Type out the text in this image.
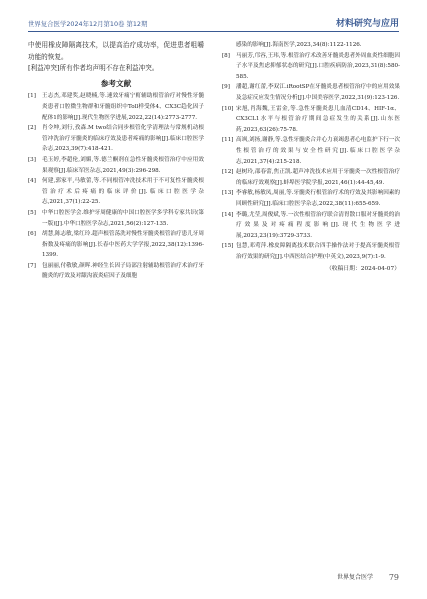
世界复合医学2024年12月第10卷 第12期	材料研究与应用

中使用橡皮障隔离技术，以提高治疗成功率，促进患者咀嚼功能的恢复。

[利益冲突]所有作者均声明不存在利益冲突。

参考文献

[1] 王志杰,邓建奖,赵晓楠,等.速效牙痛宁酊辅助根管治疗对慢性牙髓炎患者口腔微生物群和牙髓组织中Toll样受体4、CX3C趋化因子配体1的影响[J].现代生物医学进展,2022,22(14):2773-2777.

[2] 肖令坤,刘行,孜森.M two结合同步根管化学清理法与常规机动根管冲洗治疗牙髓炎的临床疗效及患者疼痛的影响[J].临床口腔医学杂志,2023,39(7):418-421.

[3] 毛玉婷,李超伦,刘媚,等.德兰酮剂在急性牙髓炎根管治疗中应用效果观察[J].临床军医杂志,2021,49(3):296-298.

[4] 何建,郭家平,马敏蕾,等.不同根管冲洗技术用于不可复性牙髓炎根管治疗术后疼痛的临床评价[J].临床口腔医学杂志,2021,37(1):22-25.

[5] 中华口腔医学会.维护牙周健康的中国口腔医学多学科专家共识(第一版)[J].中华口腔医学杂志,2021,56(2):127-135.

[6] 胡慧,陈志敏,梁红玲.超声根管荡洗对慢性牙髓炎根管治疗患儿牙周指数及疼痛的影响[J].长春中医药大学学报,2022,38(12):1396-1399.

[7] 包丽丽,付敬敏,颜晖.神经生长因子局部注射辅助根管治疗术治疗牙髓炎的疗效及对龈沟液炎症因子及细胞

感染的影响[J].海南医学,2023,34(8):1122-1126.

[8] 马丽芳,邝容,王玮,等.根管治疗术改善牙髓炎患者外周血炎性细胞因子水平及焦虑抑郁状态的研究[J].口腔疾病防治,2023,31(8):580-585.

[9] 潘超,谢红蕾,李双江.iRootSP在牙髓炎患者根管治疗中的应用效果及急症反应发生情况分析[J].中国美容医学,2022,31(9):123-126.

[10] 宋旭,肖海魏,王雷金,等.急性牙髓炎患儿血清CD14、HIF-1α、CX3CL1水平与根管治疗期间急症发生的关系[J].山东医药,2023,63(26):75-78.

[11] 高飒,刘扬,谢静,等.急性牙髓炎合并心力衰竭患者心电监护下行一次性根管治疗的效果与安全性研究[J].临床口腔医学杂志,2021,37(4):215-218.

[12] 赵树玲,邵春蕾,焦正凯.超声冲洗技术应用于牙髓炎一次性根管治疗的临床疗效观察[J].蚌埠医学院学报,2021,46(1):44-45,49.

[13] 李睿敏,杨敏凤,周丽,等.牙髓炎行根管治疗术的疗效及其影响因素的回顾性研究[J].临床口腔医学杂志,2022,38(11):655-659.

[14] 李璐,尤莹,周俊斌,等.一次性根管治疗联合清胃散口服对牙髓炎的治疗效果及对疼痛程度影响[J].现代生物医学进展,2023,23(19):3729-3733.

[15] 包慧,邓莺萍.橡皮障隔离技术联合四手操作法对于提高牙髓炎根管治疗效果的研究[J].中西医结合护理(中英文),2023,9(7):1-9.

（收稿日期：2024-04-07）
世界复合医学 79
